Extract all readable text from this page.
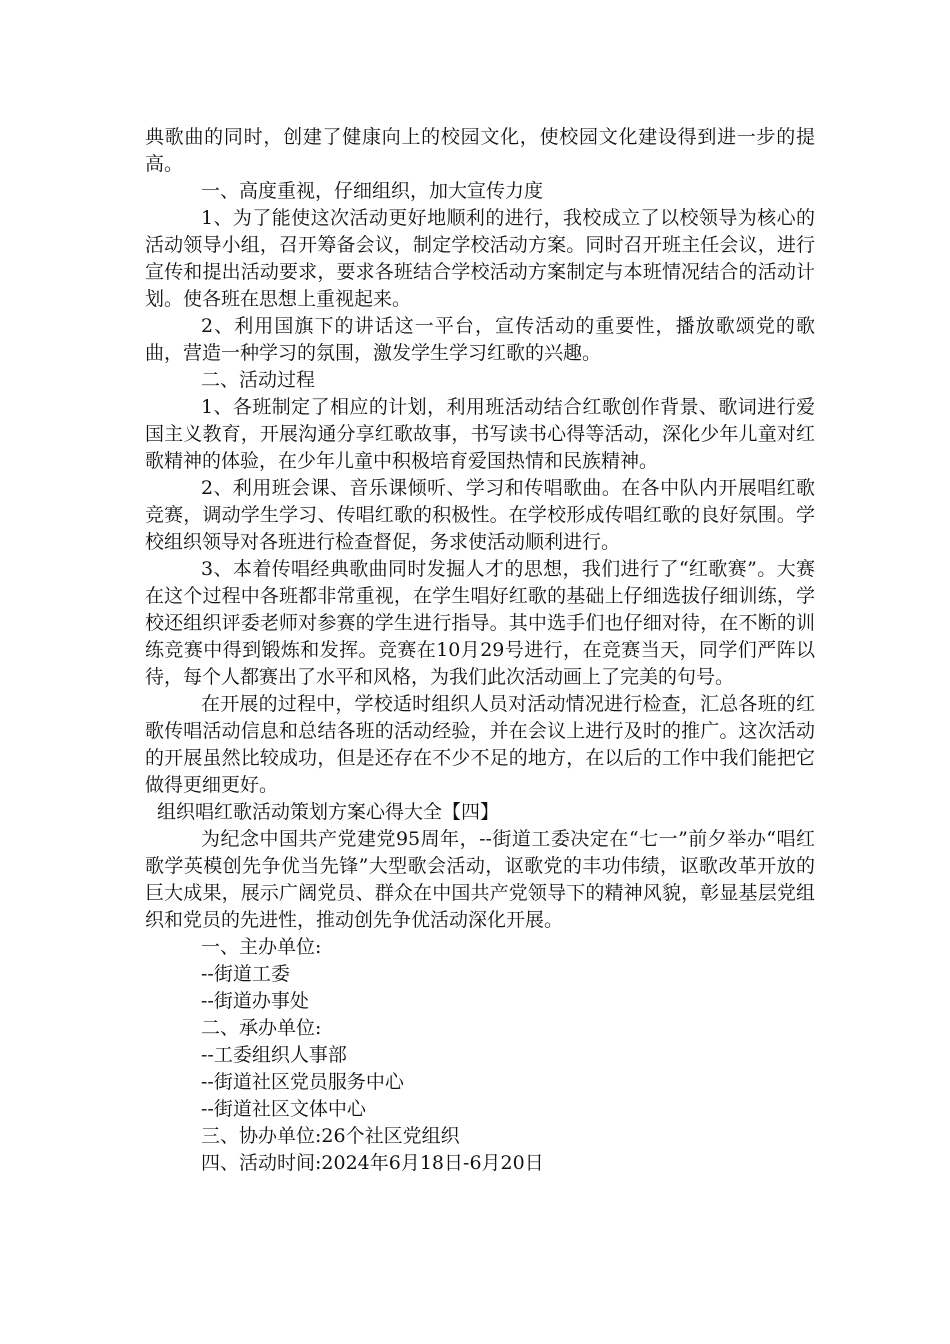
典歌曲的同时，创建了健康向上的校园文化，使校园文化建设得到进一步的提高。

一、高度重视，仔细组织，加大宣传力度

1、为了能使这次活动更好地顺利的进行，我校成立了以校领导为核心的活动领导小组，召开筹备会议，制定学校活动方案。同时召开班主任会议，进行宣传和提出活动要求，要求各班结合学校活动方案制定与本班情况结合的活动计划。使各班在思想上重视起来。

2、利用国旗下的讲话这一平台，宣传活动的重要性，播放歌颂党的歌曲，营造一种学习的氛围，激发学生学习红歌的兴趣。

二、活动过程

1、各班制定了相应的计划，利用班活动结合红歌创作背景、歌词进行爱国主义教育，开展沟通分享红歌故事，书写读书心得等活动，深化少年儿童对红歌精神的体验，在少年儿童中积极培育爱国热情和民族精神。

2、利用班会课、音乐课倾听、学习和传唱歌曲。在各中队内开展唱红歌竞赛，调动学生学习、传唱红歌的积极性。在学校形成传唱红歌的良好氛围。学校组织领导对各班进行检查督促，务求使活动顺利进行。

3、本着传唱经典歌曲同时发掘人才的思想，我们进行了“红歌赛”。大赛在这个过程中各班都非常重视，在学生唱好红歌的基础上仔细选拔仔细训练，学校还组织评委老师对参赛的学生进行指导。其中选手们也仔细对待，在不断的训练竞赛中得到锻炼和发挥。竞赛在10月29号进行，在竞赛当天，同学们严阵以待，每个人都赛出了水平和风格，为我们此次活动画上了完美的句号。

在开展的过程中，学校适时组织人员对活动情况进行检查，汇总各班的红歌传唱活动信息和总结各班的活动经验，并在会议上进行及时的推广。这次活动的开展虽然比较成功，但是还存在不少不足的地方，在以后的工作中我们能把它做得更细更好。

组织唱红歌活动策划方案心得大全【四】

为纪念中国共产党建党95周年，--街道工委决定在“七一”前夕举办“唱红歌学英模创先争优当先锋”大型歌会活动，讴歌党的丰功伟绩，讴歌改革开放的巨大成果，展示广阔党员、群众在中国共产党领导下的精神风貌，彰显基层党组织和党员的先进性，推动创先争优活动深化开展。

一、主办单位:

--街道工委

--街道办事处

二、承办单位:

--工委组织人事部

--街道社区党员服务中心

--街道社区文体中心

三、协办单位:26个社区党组织

四、活动时间:2024年6月18日-6月20日
